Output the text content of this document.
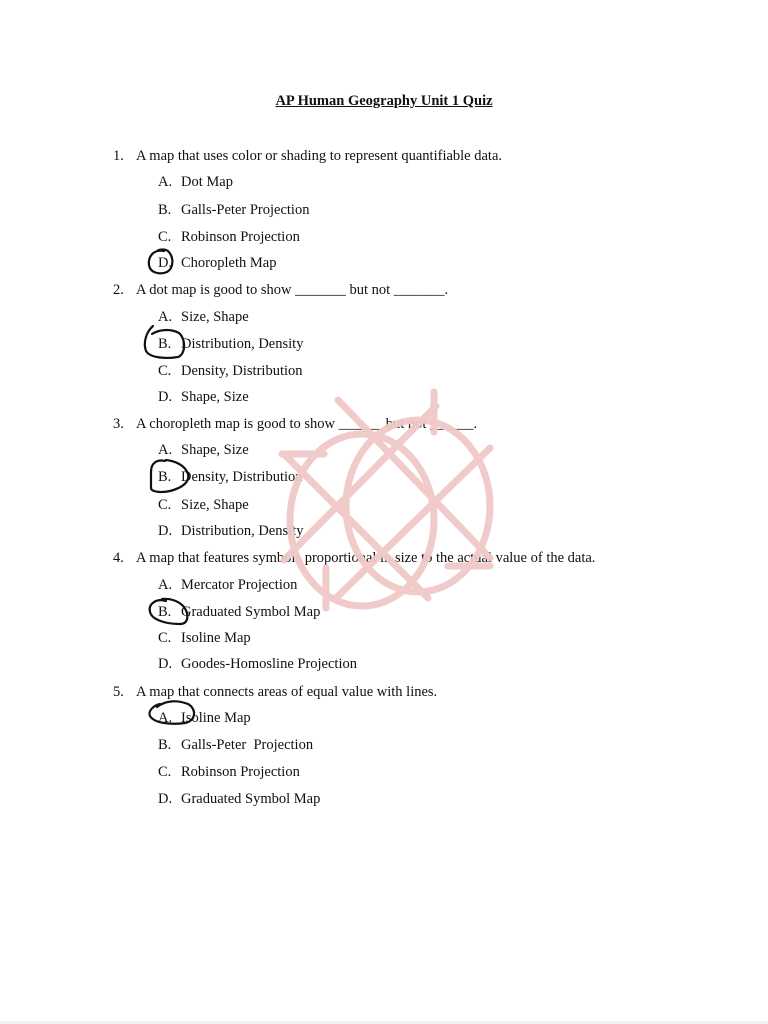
AP Human Geography Unit 1 Quiz
1. A map that uses color or shading to represent quantifiable data.
A. Dot Map
B. Galls-Peter Projection
C. Robinson Projection
D. Choropleth Map
2. A dot map is good to show _______ but not _______.
A. Size, Shape
B. Distribution, Density
C. Density, Distribution
D. Shape, Size
3. A choropleth map is good to show ______ but not ______.
A. Shape, Size
B. Density, Distribution
C. Size, Shape
D. Distribution, Density
4. A map that features symbols proportional in size to the actual value of the data.
A. Mercator Projection
B. Graduated Symbol Map
C. Isoline Map
D. Goodes-Homosline Projection
5. A map that connects areas of equal value with lines.
A. Isoline Map
B. Galls-Peter  Projection
C. Robinson Projection
D. Graduated Symbol Map
